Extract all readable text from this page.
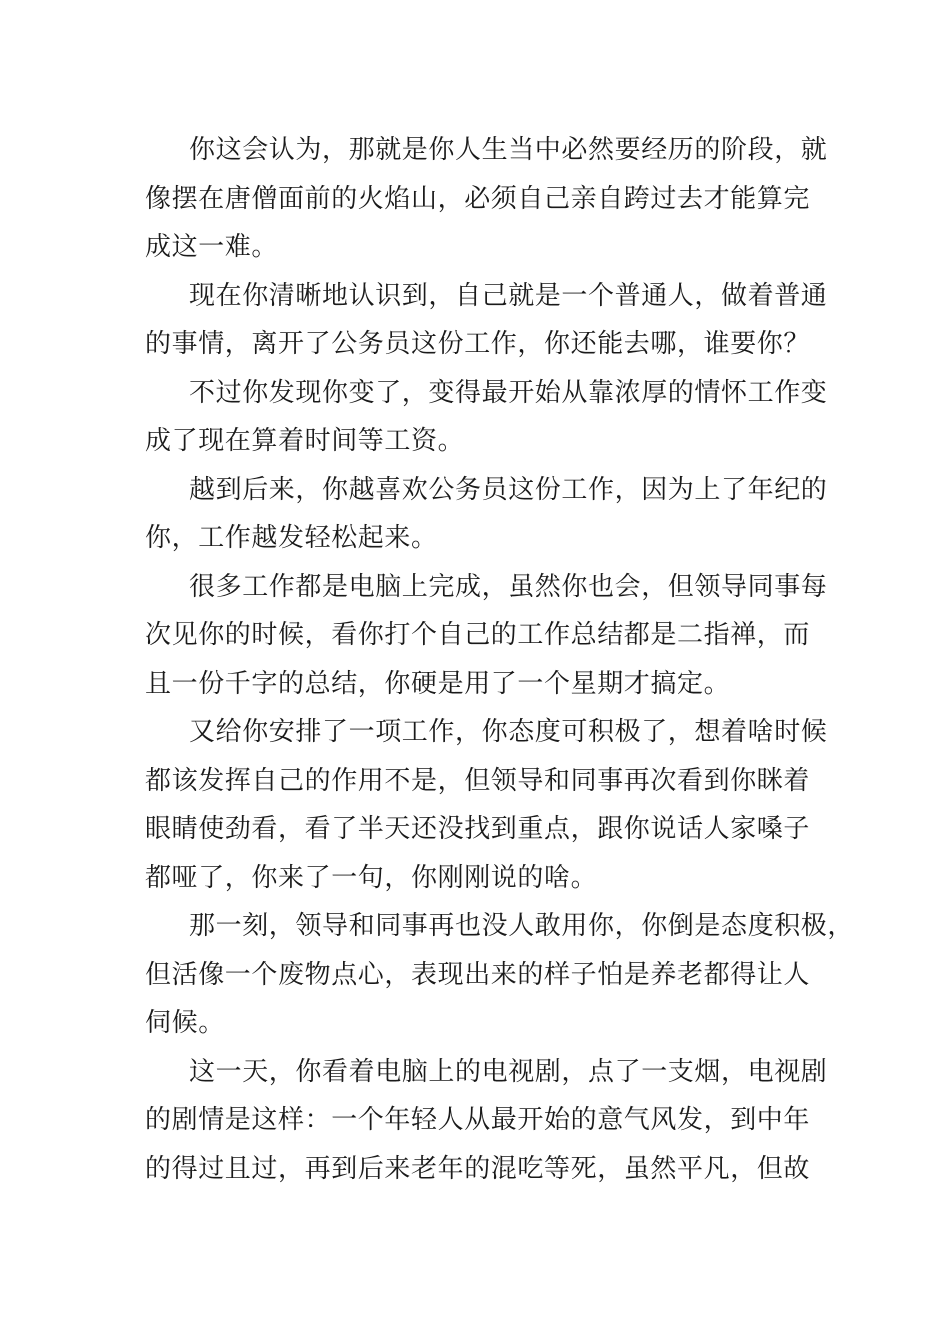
你这会认为，那就是你人生当中必然要经历的阶段，就
像摆在唐僧面前的火焰山，必须自己亲自跨过去才能算完
成这一难。

现在你清晰地认识到，自己就是一个普通人，做着普通
的事情，离开了公务员这份工作，你还能去哪，谁要你？

不过你发现你变了，变得最开始从靠浓厚的情怀工作变
成了现在算着时间等工资。

越到后来，你越喜欢公务员这份工作，因为上了年纪的
你，工作越发轻松起来。

很多工作都是电脑上完成，虽然你也会，但领导同事每
次见你的时候，看你打个自己的工作总结都是二指禅，而
且一份千字的总结，你硬是用了一个星期才搞定。

又给你安排了一项工作，你态度可积极了，想着啥时候
都该发挥自己的作用不是，但领导和同事再次看到你眯着
眼睛使劲看，看了半天还没找到重点，跟你说话人家嗓子
都哑了，你来了一句，你刚刚说的啥。

那一刻，领导和同事再也没人敢用你，你倒是态度积极，
但活像一个废物点心，表现出来的样子怕是养老都得让人
伺候。

这一天，你看着电脑上的电视剧，点了一支烟，电视剧
的剧情是这样：一个年轻人从最开始的意气风发，到中年
的得过且过，再到后来老年的混吃等死，虽然平凡，但故
